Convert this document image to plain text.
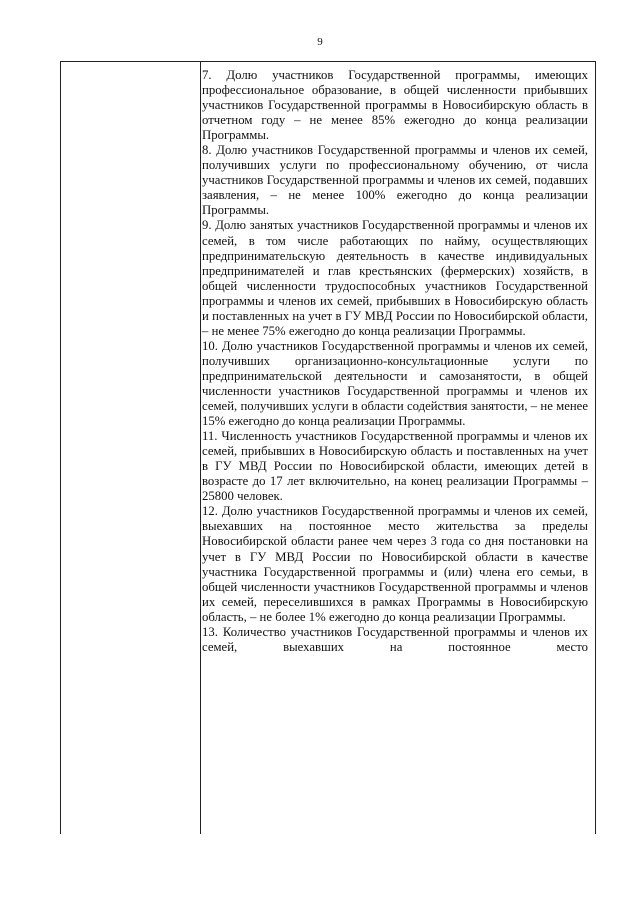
9

7. Долю участников Государственной программы, имеющих профессиональное образование, в общей численности прибывших участников Государственной программы в Новосибирскую область в отчетном году – не менее 85% ежегодно до конца реализации Программы.

8. Долю участников Государственной программы и членов их семей, получивших услуги по профессиональному обучению, от числа участников Государственной программы и членов их семей, подавших заявления, – не менее 100% ежегодно до конца реализации Программы.

9. Долю занятых участников Государственной программы и членов их семей, в том числе работающих по найму, осуществляющих предпринимательскую деятельность в качестве индивидуальных предпринимателей и глав крестьянских (фермерских) хозяйств, в общей численности трудоспособных участников Государственной программы и членов их семей, прибывших в Новосибирскую область и поставленных на учет в ГУ МВД России по Новосибирской области, – не менее 75% ежегодно до конца реализации Программы.

10. Долю участников Государственной программы и членов их семей, получивших организационно-консультационные услуги по предпринимательской деятельности и самозанятости, в общей численности участников Государственной программы и членов их семей, получивших услуги в области содействия занятости, – не менее 15% ежегодно до конца реализации Программы.

11. Численность участников Государственной программы и членов их семей, прибывших в Новосибирскую область и поставленных на учет в ГУ МВД России по Новосибирской области, имеющих детей в возрасте до 17 лет включительно, на конец реализации Программы – 25800 человек.

12. Долю участников Государственной программы и членов их семей, выехавших на постоянное место жительства за пределы Новосибирской области ранее чем через 3 года со дня постановки на учет в ГУ МВД России по Новосибирской области в качестве участника Государственной программы и (или) члена его семьи, в общей численности участников Государственной программы и членов их семей, переселившихся в рамках Программы в Новосибирскую область, – не более 1% ежегодно до конца реализации Программы.

13. Количество участников Государственной программы и членов их семей, выехавших на постоянное место
